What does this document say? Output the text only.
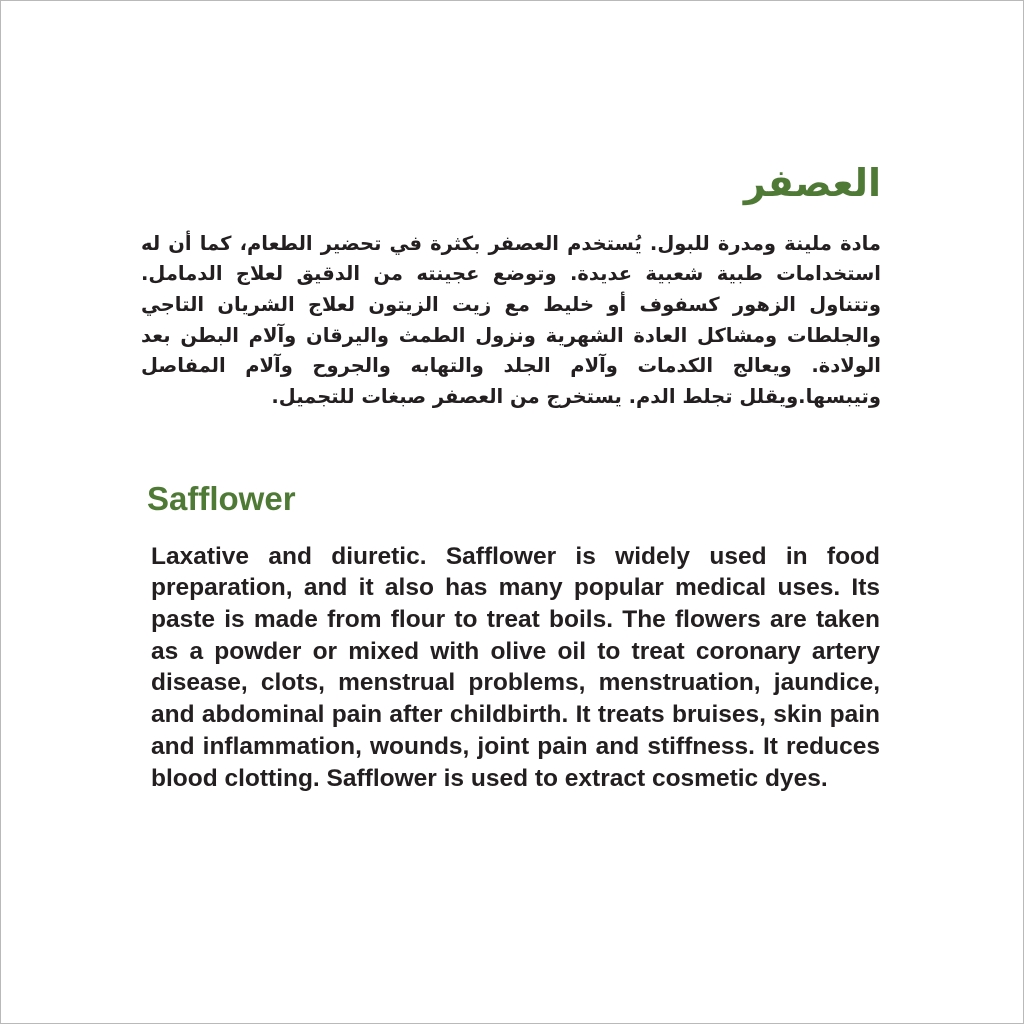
العصفر

مادة ملينة ومدرة للبول. يُستخدم العصفر بكثرة في تحضير الطعام، كما أن له استخدامات طبية شعبية عديدة. وتوضع عجينته من الدقيق لعلاج الدمامل. وتتناول الزهور كسفوف أو خليط مع زيت الزيتون لعلاج الشريان التاجي والجلطات ومشاكل العادة الشهرية ونزول الطمث واليرقان وآلام البطن بعد الولادة. ويعالج الكدمات وآلام الجلد والتهابه والجروح وآلام المفاصل وتيبسها.ويقلل تجلط الدم. يستخرج من العصفر صبغات للتجميل.

Safflower

Laxative and diuretic. Safflower is widely used in food preparation, and it also has many popular medical uses. Its paste is made from flour to treat boils. The flowers are taken as a powder or mixed with olive oil to treat coronary artery disease, clots, menstrual problems, menstruation, jaundice, and abdominal pain after childbirth. It treats bruises, skin pain and inflammation, wounds, joint pain and stiffness. It reduces blood clotting. Safflower is used to extract cosmetic dyes.
